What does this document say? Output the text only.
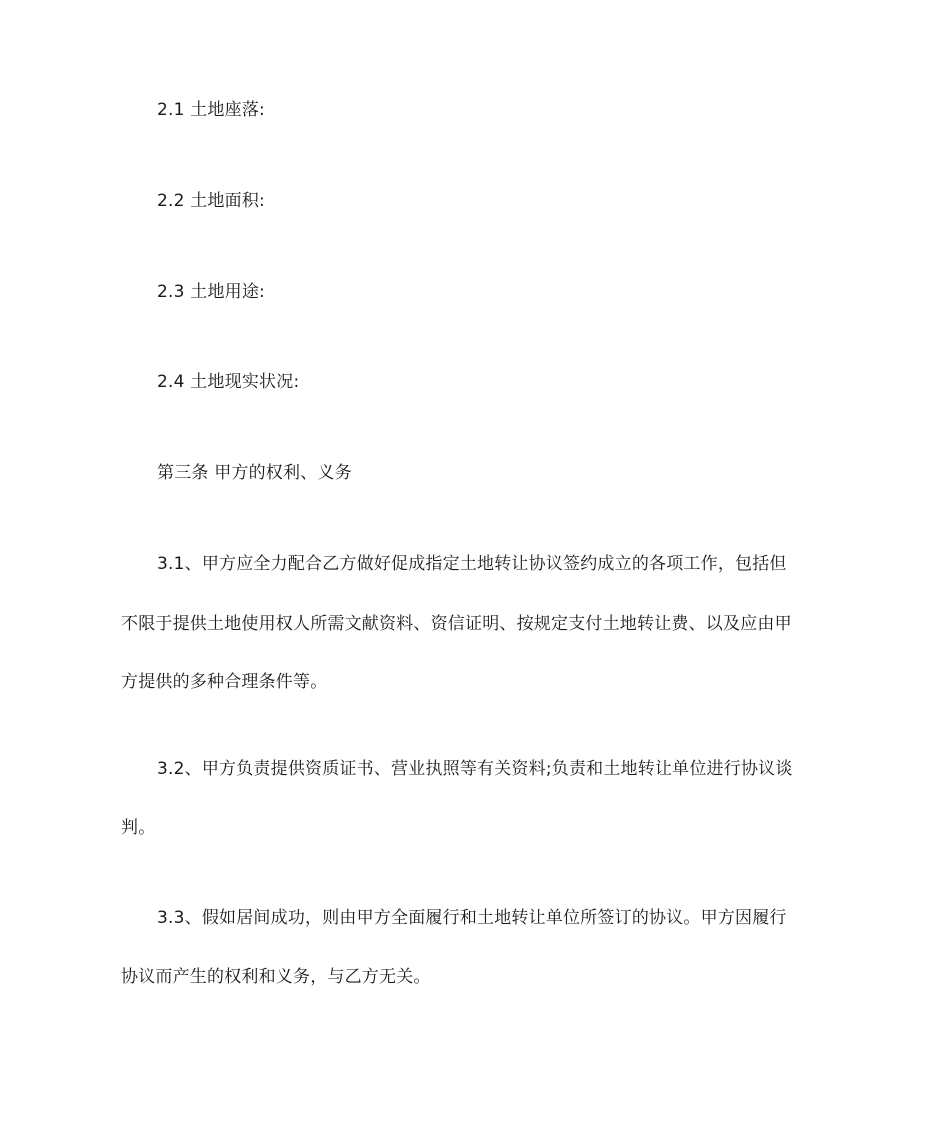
2.1 土地座落:
2.2 土地面积:
2.3 土地用途:
2.4 土地现实状况:
第三条 甲方的权利、义务
3.1、甲方应全力配合乙方做好促成指定土地转让协议签约成立的各项工作，包括但
不限于提供土地使用权人所需文献资料、资信证明、按规定支付土地转让费、以及应由甲
方提供的多种合理条件等。
3.2、甲方负责提供资质证书、营业执照等有关资料;负责和土地转让单位进行协议谈
判。
3.3、假如居间成功，则由甲方全面履行和土地转让单位所签订的协议。甲方因履行
协议而产生的权利和义务，与乙方无关。
